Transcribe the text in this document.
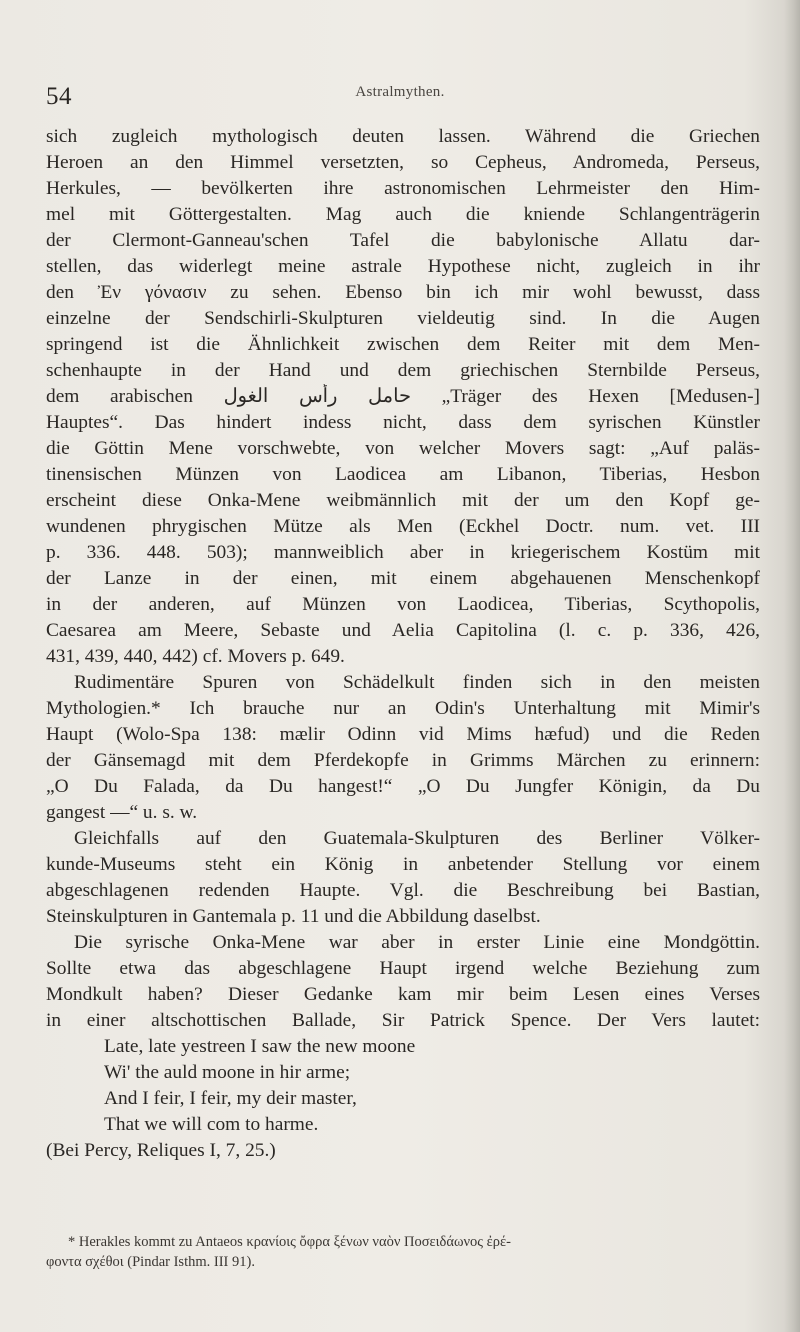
54	Astralmythen.
sich zugleich mythologisch deuten lassen. Während die Griechen
Heroen an den Himmel versetzten, so Cepheus, Andromeda, Perseus,
Herkules, — bevölkerten ihre astronomischen Lehrmeister den Him-
mel mit Göttergestalten. Mag auch die kniende Schlangenträgerin
der Clermont-Ganneau'schen Tafel die babylonische Allatu dar-
stellen, das widerlegt meine astrale Hypothese nicht, zugleich in ihr
den Ἐν γόνασιν zu sehen. Ebenso bin ich mir wohl bewusst, dass
einzelne der Sendschirli-Skulpturen vieldeutig sind. In die Augen
springend ist die Ähnlichkeit zwischen dem Reiter mit dem Men-
schenhaupte in der Hand und dem griechischen Sternbilde Perseus,
dem arabischen حامل رأس الغول „Träger des Hexen [Medusen-]
Hauptes“. Das hindert indess nicht, dass dem syrischen Künstler
die Göttin Mene vorschwebte, von welcher Movers sagt: „Auf paläs-
tinensischen Münzen von Laodicea am Libanon, Tiberias, Hesbon
erscheint diese Onka-Mene weibmännlich mit der um den Kopf ge-
wundenen phrygischen Mütze als Men (Eckhel Doctr. num. vet. III
p. 336. 448. 503); mannweiblich aber in kriegerischem Kostüm mit
der Lanze in der einen, mit einem abgehauenen Menschenkopf
in der anderen, auf Münzen von Laodicea, Tiberias, Scythopolis,
Caesarea am Meere, Sebaste und Aelia Capitolina (l. c. p. 336, 426,
431, 439, 440, 442) cf. Movers p. 649.
Rudimentäre Spuren von Schädelkult finden sich in den meisten
Mythologien.* Ich brauche nur an Odin's Unterhaltung mit Mimir's
Haupt (Wolo-Spa 138: mælir Odinn vid Mims hæfud) und die Reden
der Gänsemagd mit dem Pferdekopfe in Grimms Märchen zu erinnern:
„O Du Falada, da Du hangest!“ „O Du Jungfer Königin, da Du
gangest —“ u. s. w.
Gleichfalls auf den Guatemala-Skulpturen des Berliner Völker-
kunde-Museums steht ein König in anbetender Stellung vor einem
abgeschlagenen redenden Haupte. Vgl. die Beschreibung bei Bastian,
Steinskulpturen in Gantemala p. 11 und die Abbildung daselbst.
Die syrische Onka-Mene war aber in erster Linie eine Mondgöttin.
Sollte etwa das abgeschlagene Haupt irgend welche Beziehung zum
Mondkult haben? Dieser Gedanke kam mir beim Lesen eines Verses
in einer altschottischen Ballade, Sir Patrick Spence. Der Vers lautet:
Late, late yestreen I saw the new moone
Wi' the auld moone in hir arme;
And I feir, I feir, my deir master,
That we will com to harme.
(Bei Percy, Reliques I, 7, 25.)
* Herakles kommt zu Antaeos κρανίοις ὄφρα ξένων ναὸν Ποσειδάωνος ἐρέ-
φοντα σχέθοι (Pindar Isthm. III 91).
